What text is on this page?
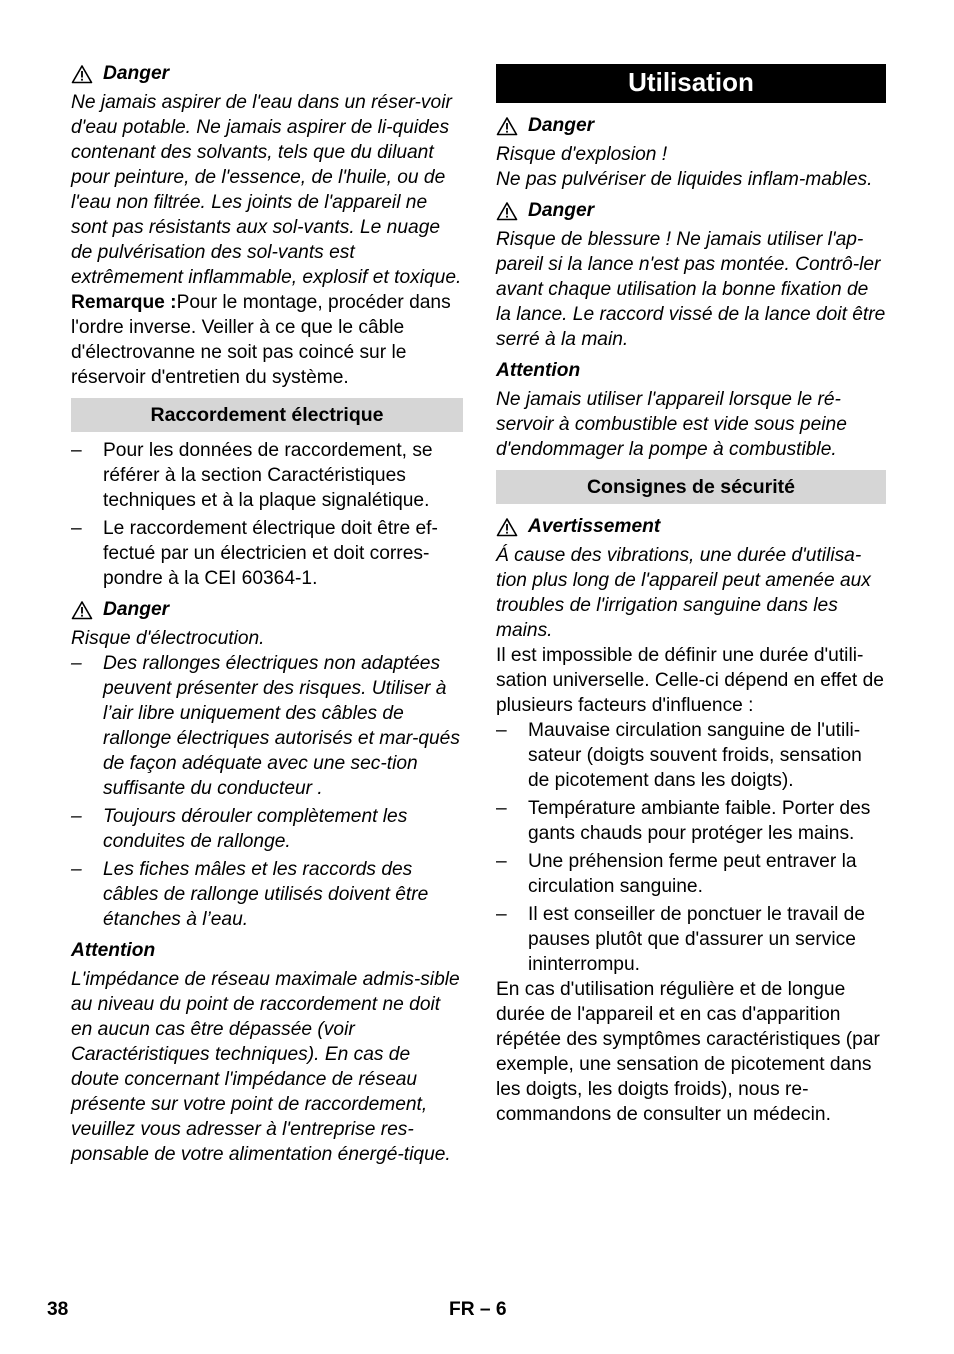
Danger

Ne jamais aspirer de l'eau dans un réser-voir d'eau potable. Ne jamais aspirer de li-quides contenant des solvants, tels que du diluant pour peinture, de l'essence, de l'huile, ou de l'eau non filtrée. Les joints de l'appareil ne sont pas résistants aux sol-vants. Le nuage de pulvérisation des sol-vants est extrêmement inflammable, explosif et toxique.

Remarque :Pour le montage, procéder dans l'ordre inverse. Veiller à ce que le câble d'électrovanne ne soit pas coincé sur le réservoir d'entretien du système.

Raccordement électrique
– Pour les données de raccordement, se référer à la section Caractéristiques techniques et à la plaque signalétique.
– Le raccordement électrique doit être ef-fectué par un électricien et doit corres-pondre à la CEI 60364-1.
Danger

Risque d'électrocution.

– Des rallonges électriques non adaptées peuvent présenter des risques. Utiliser à l’air libre uniquement des câbles de rallonge électriques autorisés et mar-qués de façon adéquate avec une sec-tion suffisante du conducteur .
– Toujours dérouler complètement les conduites de rallonge.
– Les fiches mâles et les raccords des câbles de rallonge utilisés doivent être étanches à l’eau.
Attention

L'impédance de réseau maximale admis-sible au niveau du point de raccordement ne doit en aucun cas être dépassée (voir Caractéristiques techniques). En cas de doute concernant l'impédance de réseau présente sur votre point de raccordement, veuillez vous adresser à l'entreprise res-ponsable de votre alimentation énergé-tique.

Utilisation
Danger

Risque d'explosion !

Ne pas pulvériser de liquides inflam-mables.

Danger

Risque de blessure ! Ne jamais utiliser l'ap-pareil si la lance n'est pas montée. Contrô-ler avant chaque utilisation la bonne fixation de la lance. Le raccord vissé de la lance doit être serré à la main.

Attention

Ne jamais utiliser l'appareil lorsque le ré-servoir à combustible est vide sous peine d'endommager la pompe à combustible.

Consignes de sécurité
Avertissement

Á cause des vibrations, une durée d'utilisa-tion plus long de l'appareil peut amenée aux troubles de l'irrigation sanguine dans les mains.

Il est impossible de définir une durée d'utili-sation universelle. Celle-ci dépend en effet de plusieurs facteurs d'influence :

– Mauvaise circulation sanguine de l'utili-sateur (doigts souvent froids, sensation de picotement dans les doigts).
– Température ambiante faible. Porter des gants chauds pour protéger les mains.
– Une préhension ferme peut entraver la circulation sanguine.
– Il est conseiller de ponctuer le travail de pauses plutôt que d'assurer un service ininterrompu.

En cas d'utilisation régulière et de longue durée de l'appareil et en cas d'apparition répétée des symptômes caractéristiques (par exemple, une sensation de picotement dans les doigts, les doigts froids), nous re-commandons de consulter un médecin.

38	FR – 6
